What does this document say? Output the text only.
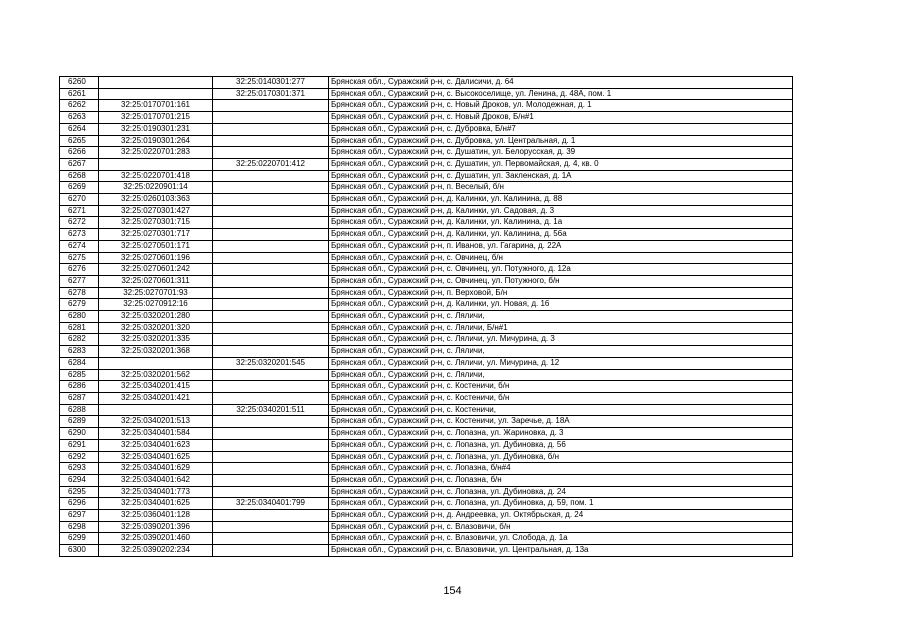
6260		32:25:0140301:277	Брянская обл., Суражский р-н, с. Далисичи, д. 64
6261		32:25:0170301:371	Брянская обл., Суражский р-н, с. Высокоселище, ул. Ленина, д. 48А, пом. 1
6262	32:25:0170701:161		Брянская обл., Суражский р-н, с. Новый Дроков, ул. Молодежная, д. 1
6263	32:25:0170701:215		Брянская обл., Суражский р-н, с. Новый Дроков, Б/н#1
6264	32:25:0190301:231		Брянская обл., Суражский р-н, с. Дубровка, Б/н#7
6265	32:25:0190301:264		Брянская обл., Суражский р-н, с. Дубровка, ул. Центральная, д. 1
6266	32:25:0220701:283		Брянская обл., Суражский р-н, с. Душатин, ул. Белорусская, д. 39
6267		32:25:0220701:412	Брянская обл., Суражский р-н, с. Душатин, ул. Первомайская, д. 4, кв. 0
6268	32:25:0220701:418		Брянская обл., Суражский р-н, с. Душатин, ул. Закленская, д. 1А
6269	32:25:0220901:14		Брянская обл., Суражский р-н, п. Веселый, б/н
6270	32:25:0260103:363		Брянская обл., Суражский р-н, д. Калинки, ул. Калинина, д. 88
6271	32:25:0270301:427		Брянская обл., Суражский р-н, д. Калинки, ул. Садовая, д. 3
6272	32:25:0270301:715		Брянская обл., Суражский р-н, д. Калинки, ул. Калинина, д. 1а
6273	32:25:0270301:717		Брянская обл., Суражский р-н, д. Калинки, ул. Калинина, д. 56а
6274	32:25:0270501:171		Брянская обл., Суражский р-н, п. Иванов, ул. Гагарина, д. 22А
6275	32:25:0270601:196		Брянская обл., Суражский р-н, с. Овчинец, б/н
6276	32:25:0270601:242		Брянская обл., Суражский р-н, с. Овчинец, ул. Потужного, д. 12а
6277	32:25:0270601:311		Брянская обл., Суражский р-н, с. Овчинец, ул. Потужного, б/н
6278	32:25:0270701:93		Брянская обл., Суражский р-н, п. Верховой, Б/н
6279	32:25:0270912:16		Брянская обл., Суражский р-н, д. Калинки, ул. Новая, д. 16
6280	32:25:0320201:280		Брянская обл., Суражский р-н, с. Ляличи,
6281	32:25:0320201:320		Брянская обл., Суражский р-н, с. Ляличи, Б/н#1
6282	32:25:0320201:335		Брянская обл., Суражский р-н, с. Ляличи, ул. Мичурина, д. 3
6283	32:25:0320201:368		Брянская обл., Суражский р-н, с. Ляличи,
6284		32:25:0320201:545	Брянская обл., Суражский р-н, с. Ляличи, ул. Мичурина, д. 12
6285	32:25:0320201:562		Брянская обл., Суражский р-н, с. Ляличи,
6286	32:25:0340201:415		Брянская обл., Суражский р-н, с. Костеничи, б/н
6287	32:25:0340201:421		Брянская обл., Суражский р-н, с. Костеничи, б/н
6288		32:25:0340201:511	Брянская обл., Суражский р-н, с. Костеничи,
6289	32:25:0340201:513		Брянская обл., Суражский р-н, с. Костеничи, ул. Заречье, д. 18А
6290	32:25:0340401:584		Брянская обл., Суражский р-н, с. Лопазна, ул. Жариновка, д. 3
6291	32:25:0340401:623		Брянская обл., Суражский р-н, с. Лопазна, ул. Дубиновка, д. 56
6292	32:25:0340401:625		Брянская обл., Суражский р-н, с. Лопазна, ул. Дубиновка, б/н
6293	32:25:0340401:629		Брянская обл., Суражский р-н, с. Лопазна, б/н#4
6294	32:25:0340401:642		Брянская обл., Суражский р-н, с. Лопазна, б/н
6295	32:25:0340401:773		Брянская обл., Суражский р-н, с. Лопазна, ул. Дубиновка, д. 24
6296	32:25:0340401:625	32:25:0340401:799	Брянская обл., Суражский р-н, с. Лопазна, ул. Дубиновка, д. 59, пом. 1
6297	32:25:0360401:128		Брянская обл., Суражский р-н, д. Андреевка, ул. Октябрьская, д. 24
6298	32:25:0390201:396		Брянская обл., Суражский р-н, с. Влазовичи, б/н
6299	32:25:0390201:460		Брянская обл., Суражский р-н, с. Влазовичи, ул. Слобода, д. 1а
6300	32:25:0390202:234		Брянская обл., Суражский р-н, с. Влазовичи, ул. Центральная, д. 13а
154
